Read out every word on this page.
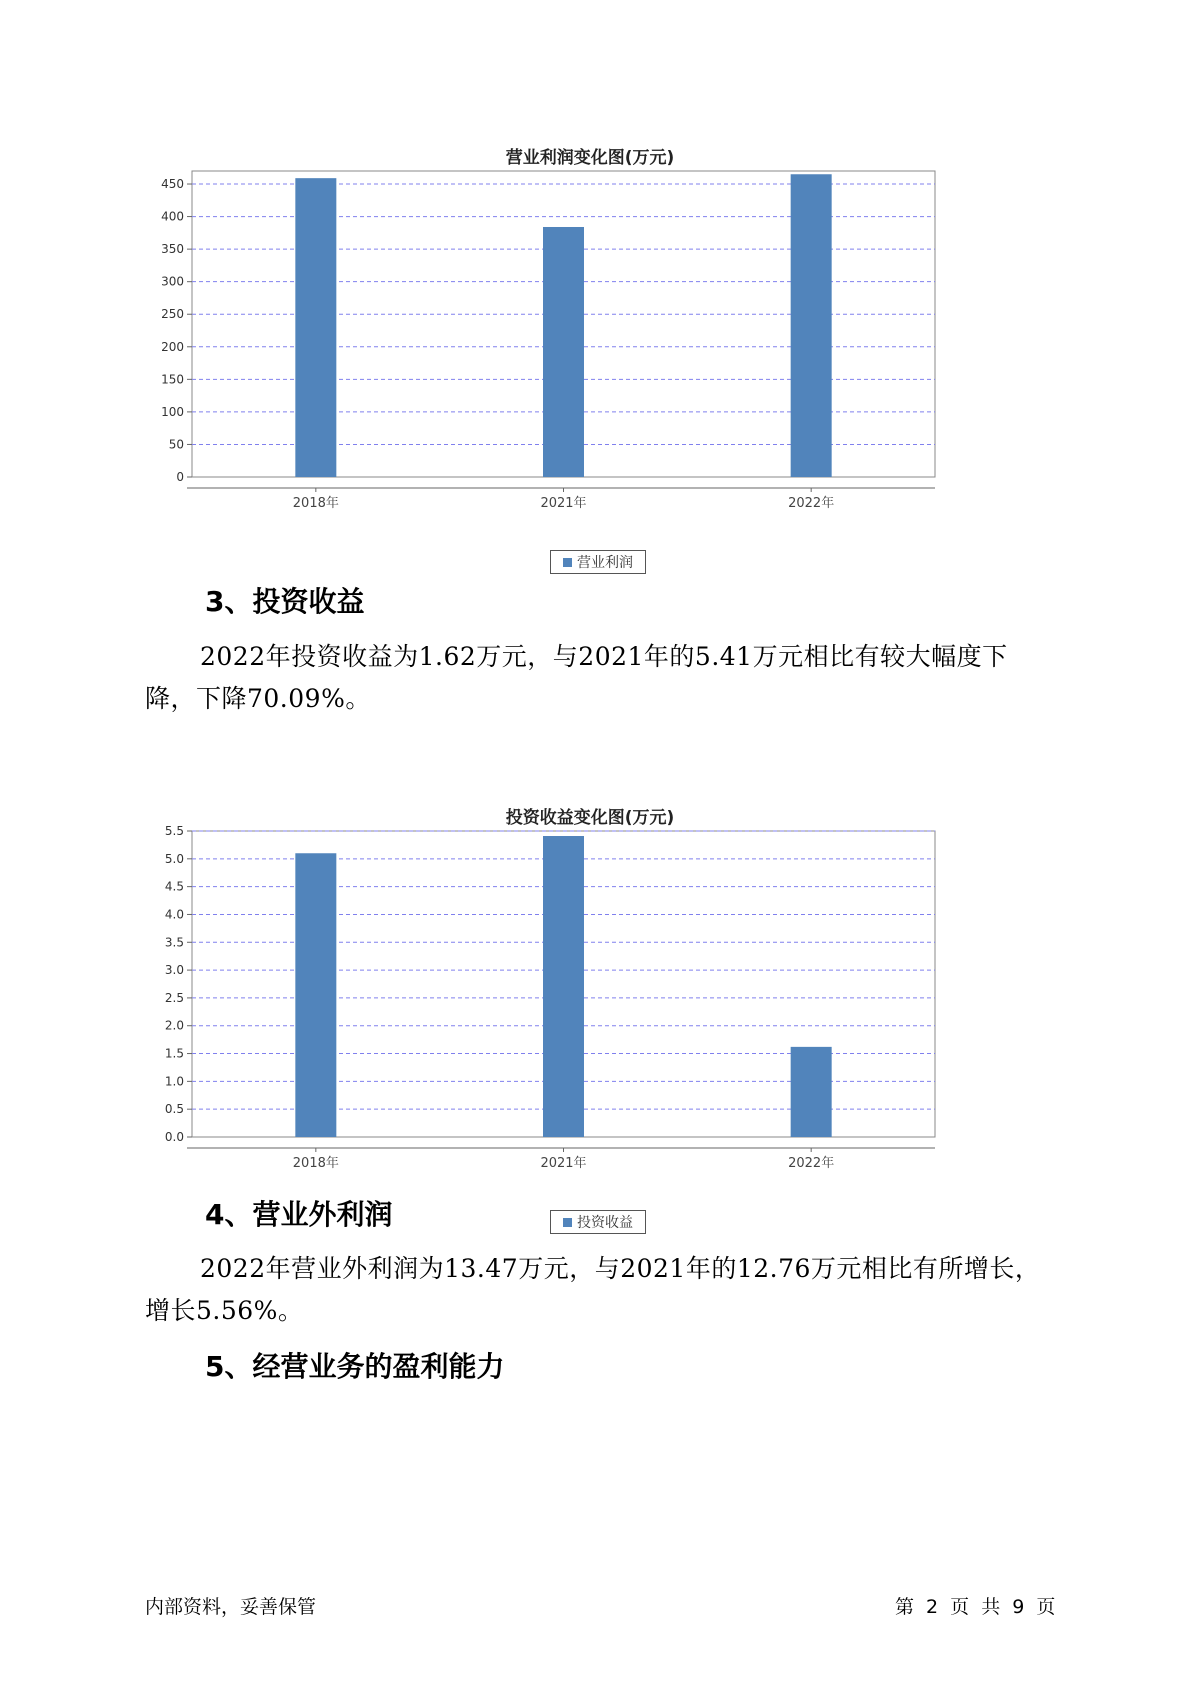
营业利润变化图(万元)
0
50
100
150
200
250
300
350
400
450
2018年	2021年	2022年
营业利润
3、投资收益

2022年投资收益为1.62万元，与2021年的5.41万元相比有较大幅度下降，下降70.09%。

投资收益变化图(万元)
0.0
0.5
1.0
1.5
2.0
2.5
3.0
3.5
4.0
4.5
5.0
5.5
2018年	2021年	2022年
投资收益
4、营业外利润

2022年营业外利润为13.47万元，与2021年的12.76万元相比有所增长，增长5.56%。

5、经营业务的盈利能力
内部资料，妥善保管	第 2 页 共 9 页
